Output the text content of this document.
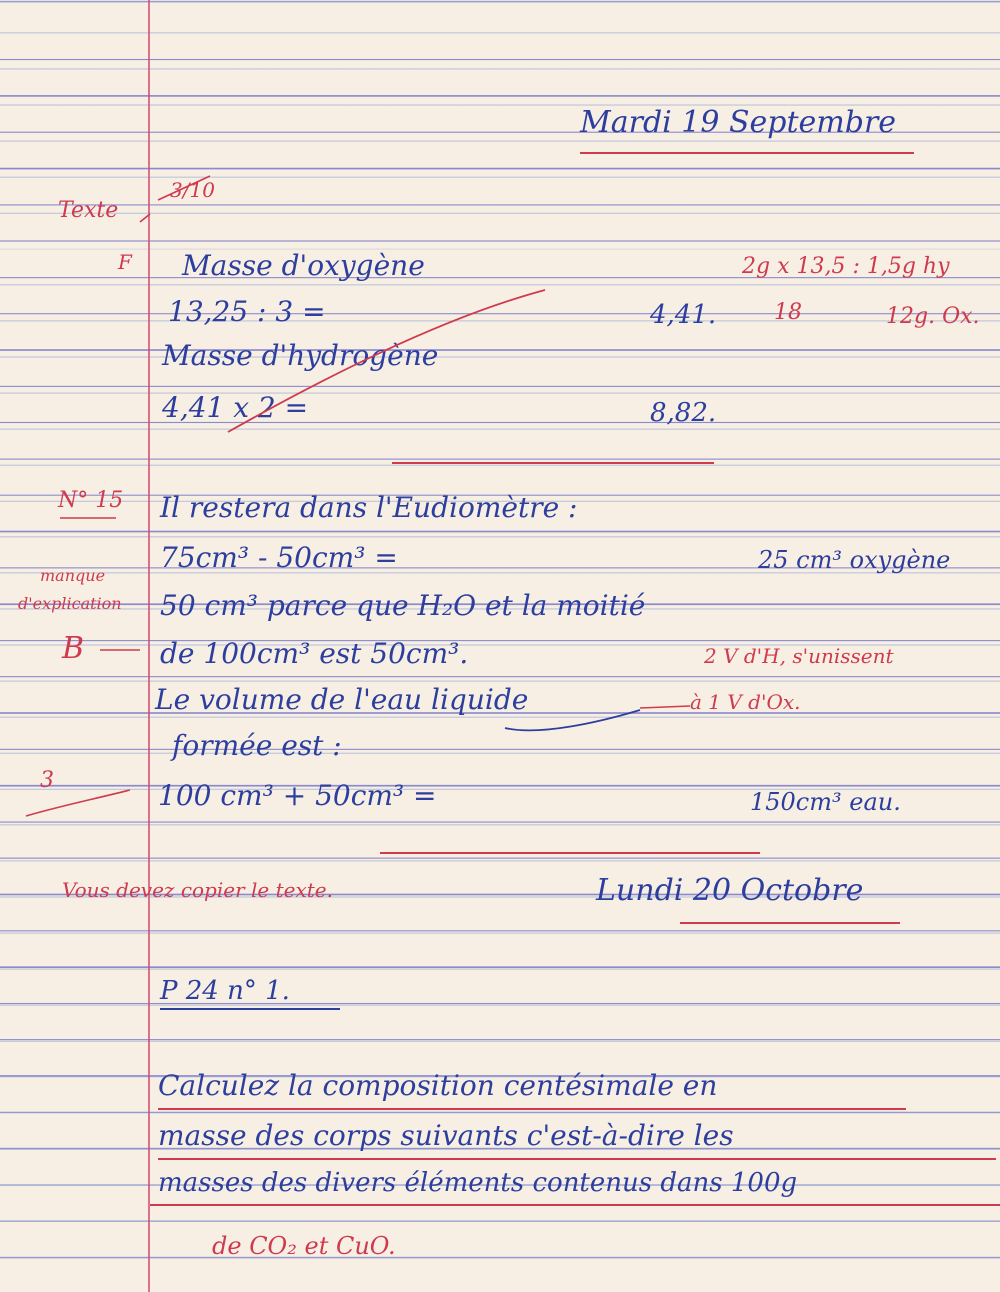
Mardi 19 Septembre
Texte
3/10
F Masse d'oxygène
13,25 : 3 =
Masse d'hydrogène
4,41 x 2 =
4,41.
8,82.
2g x 13,5 : 1,5g hy
18	12g. Ox.
N° 15
manque
d'explication
B
3
Il restera dans l'Eudiomètre :
75cm³ - 50cm³ =
50 cm³ parce que H₂O et la moitié
de 100cm³ est 50cm³.
Le volume de l'eau liquide
formée est :
100 cm³ + 50cm³ =
25 cm³ oxygène
150cm³ eau.
2 V d'H, s'unissent
à 1 V d'Ox.
Vous devez copier le texte.	Lundi 20 Octobre
P 24 n° 1.
Calculez la composition centésimale en
masse des corps suivants c'est-à-dire les
masses des divers éléments contenus dans 100g
de CO₂ et CuO.
